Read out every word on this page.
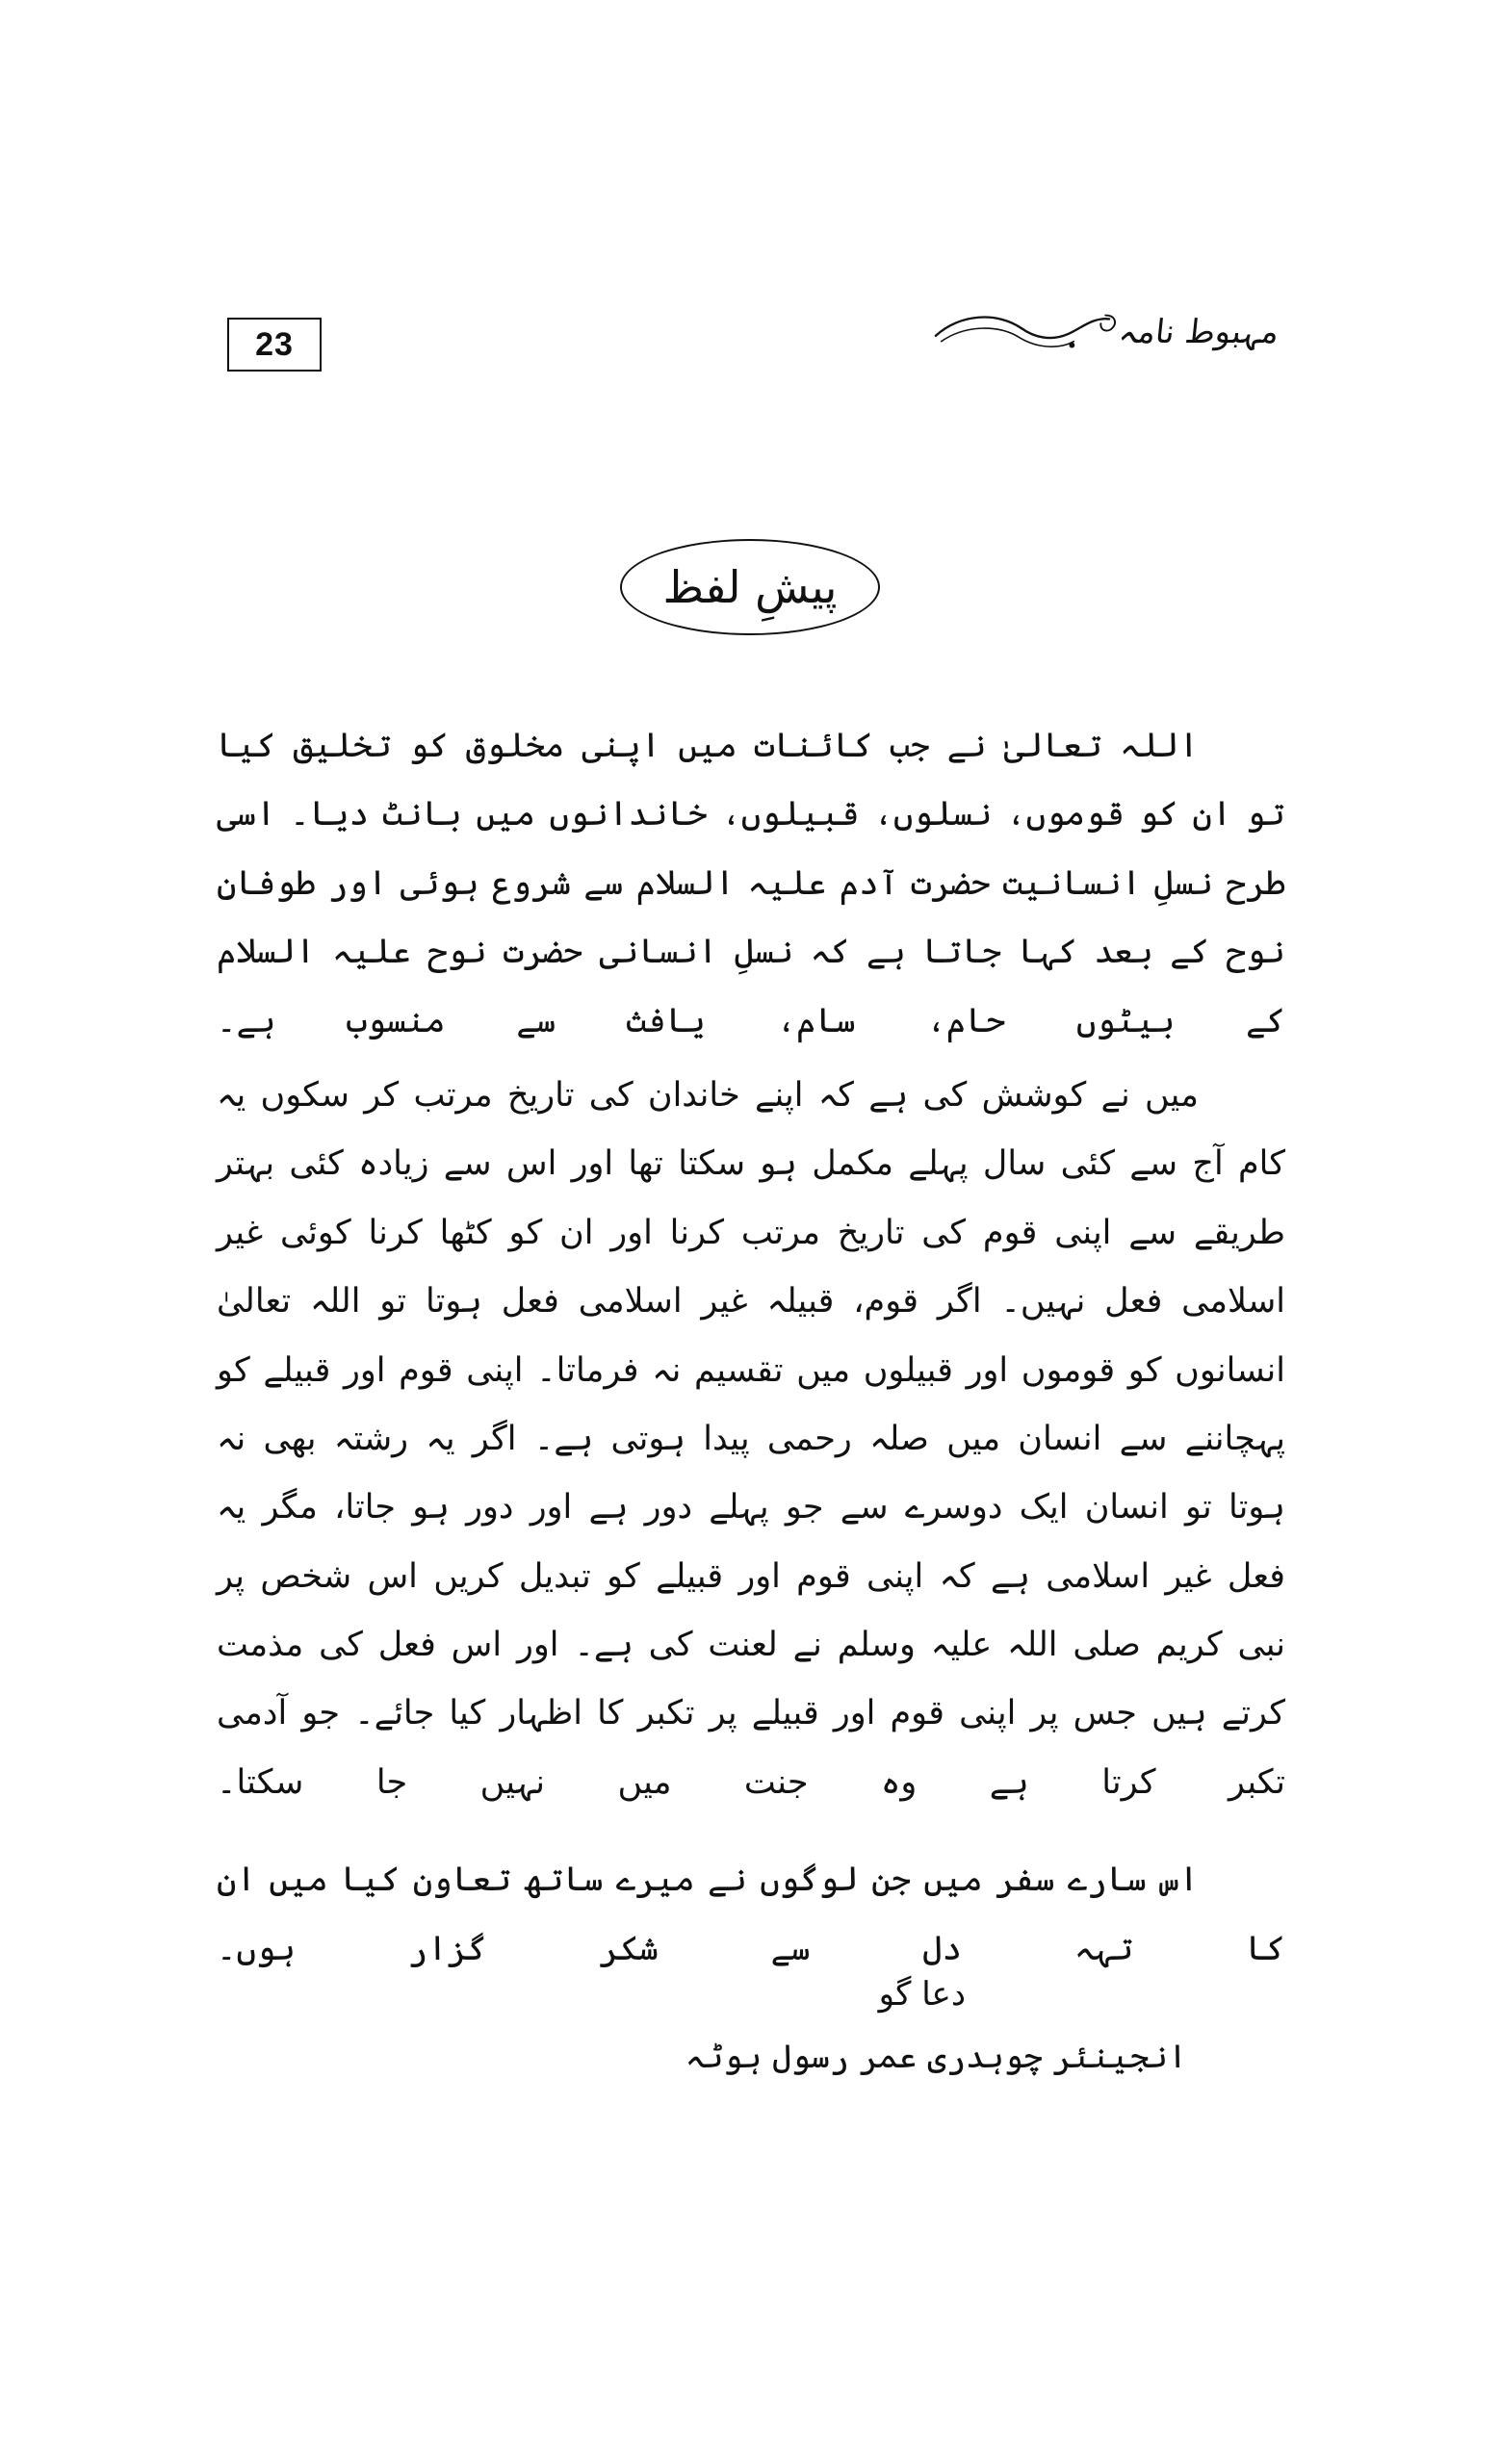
23	مہبوط نامہ
پیشِ لفظ

اللہ تعالیٰ نے جب کائنات میں اپنی مخلوق کو تخلیق کیا تو ان کو قوموں، نسلوں، قبیلوں، خاندانوں میں بانٹ دیا۔ اسی طرح نسلِ انسانیت حضرت آدم علیہ السلام سے شروع ہوئی اور طوفانِ نوح کے بعد کہا جاتا ہے کہ نسلِ انسانی حضرت نوح علیہ السلام کے بیٹوں حام، سام، یافث سے منسوب ہے۔

میں نے کوشش کی ہے کہ اپنے خاندان کی تاریخ مرتب کر سکوں یہ کام آج سے کئی سال پہلے مکمل ہو سکتا تھا اور اس سے زیادہ کئی بہتر طریقے سے اپنی قوم کی تاریخ مرتب کرنا اور ان کو کٹھا کرنا کوئی غیر اسلامی فعل نہیں۔ اگر قوم، قبیلہ غیر اسلامی فعل ہوتا تو اللہ تعالیٰ انسانوں کو قوموں اور قبیلوں میں تقسیم نہ فرماتا۔ اپنی قوم اور قبیلے کو پہچاننے سے انسان میں صلہ رحمی پیدا ہوتی ہے۔ اگر یہ رشتہ بھی نہ ہوتا تو انسان ایک دوسرے سے جو پہلے دور ہے اور دور ہو جاتا، مگر یہ فعل غیر اسلامی ہے کہ اپنی قوم اور قبیلے کو تبدیل کریں اس شخص پر نبی کریم صلی اللہ علیہ وسلم نے لعنت کی ہے۔ اور اس فعل کی مذمت کرتے ہیں جس پر اپنی قوم اور قبیلے پر تکبر کا اظہار کیا جائے۔ جو آدمی تکبر کرتا ہے وہ جنت میں نہیں جا سکتا۔

اس سارے سفر میں جن لوگوں نے میرے ساتھ تعاون کیا میں ان کا تہہ دل سے شکر گزار ہوں۔

دعا گو

انجینئر چوہدری عمر رسول ہوٹہ
